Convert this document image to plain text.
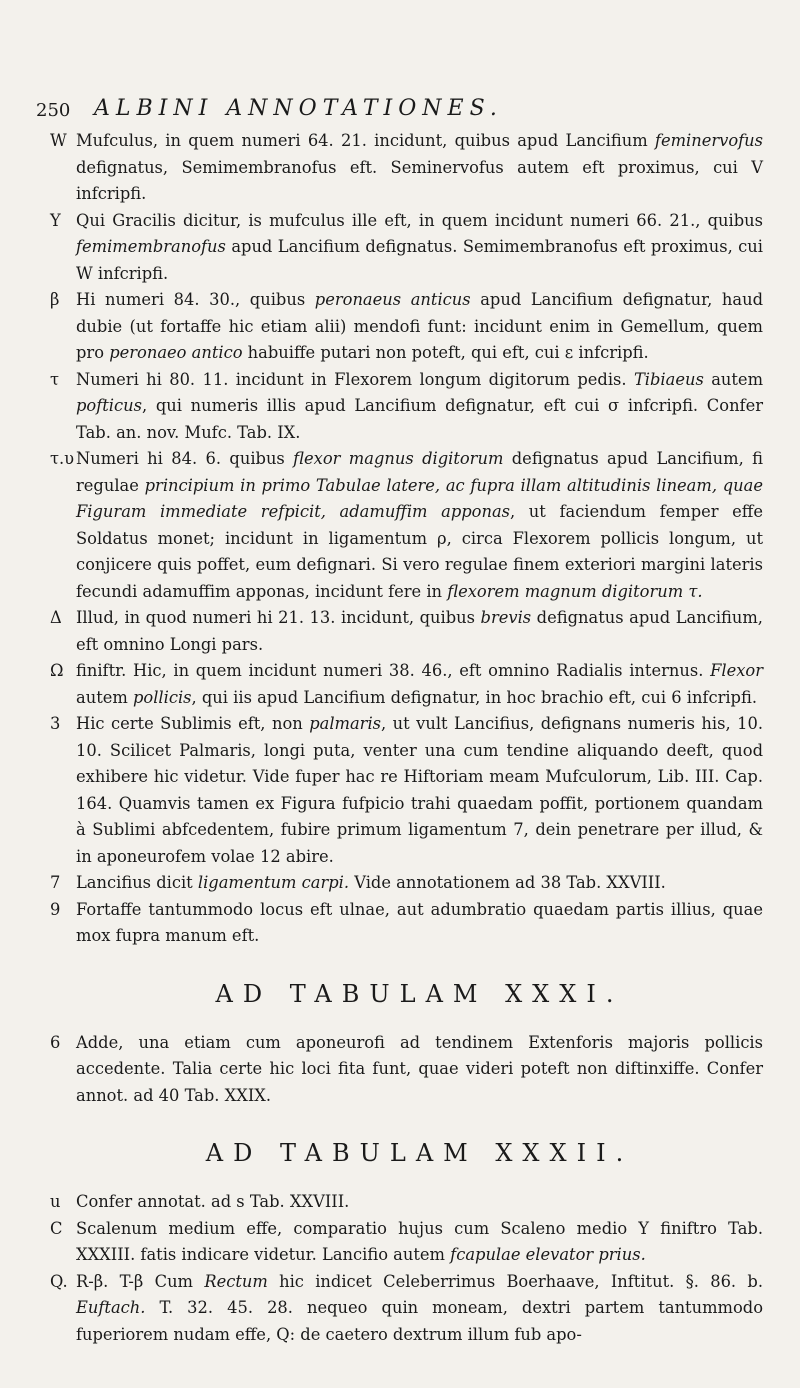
250 ALBINI ANNOTATIONES.

W Mufculus, in quem numeri 64. 21. incidunt, quibus apud Lancifium feminervofus defignatus, Semimembranofus eft. Seminervofus autem eft proximus, cui V infcripfi.

Y Qui Gracilis dicitur, is mufculus ille eft, in quem incidunt numeri 66. 21., quibus femimembranofus apud Lancifium defignatus. Semimembranofus eft proximus, cui W infcripfi.

β Hi numeri 84. 30., quibus peronaeus anticus apud Lancifium defignatur, haud dubie (ut fortaffe hic etiam alii) mendofi funt: incidunt enim in Gemellum, quem pro peronaeo antico habuiffe putari non poteft, qui eft, cui ε infcripfi.

τ Numeri hi 80. 11. incidunt in Flexorem longum digitorum pedis. Tibiaeus autem pofticus, qui numeris illis apud Lancifium defignatur, eft cui σ infcripfi. Confer Tab. an. nov. Mufc. Tab. IX.

τ.υ Numeri hi 84. 6. quibus flexor magnus digitorum defignatus apud Lancifium, fi regulae principium in primo Tabulae latere, ac fupra illam altitudinis lineam, quae Figuram immediate refpicit, adamuffim apponas, ut faciendum femper effe Soldatus monet; incidunt in ligamentum ρ, circa Flexorem pollicis longum, ut conjicere quis poffet, eum defignari. Si vero regulae finem exteriori margini lateris fecundi adamuffim apponas, incidunt fere in flexorem magnum digitorum τ.

Δ Illud, in quod numeri hi 21. 13. incidunt, quibus brevis defignatus apud Lancifium, eft omnino Longi pars.

Ω finiftr. Hic, in quem incidunt numeri 38. 46., eft omnino Radialis internus. Flexor autem pollicis, qui iis apud Lancifium defignatur, in hoc brachio eft, cui 6 infcripfi.

3 Hic certe Sublimis eft, non palmaris, ut vult Lancifius, defignans numeris his, 10. 10. Scilicet Palmaris, longi puta, venter una cum tendine aliquando deeft, quod exhibere hic videtur. Vide fuper hac re Hiftoriam meam Mufculorum, Lib. III. Cap. 164. Quamvis tamen ex Figura fufpicio trahi quaedam poffit, portionem quandam à Sublimi abfcedentem, fubire primum ligamentum 7, dein penetrare per illud, & in aponeurofem volae 12 abire.

7 Lancifius dicit ligamentum carpi. Vide annotationem ad 38 Tab. XXVIII.

9 Fortaffe tantummodo locus eft ulnae, aut adumbratio quaedam partis illius, quae mox fupra manum eft.

AD TABULAM XXXI.

6 Adde, una etiam cum aponeurofi ad tendinem Extenforis majoris pollicis accedente. Talia certe hic loci fita funt, quae videri poteft non diftinxiffe. Confer annot. ad 40 Tab. XXIX.

AD TABULAM XXXII.

u Confer annotat. ad s Tab. XXVIII.

C Scalenum medium effe, comparatio hujus cum Scaleno medio Y finiftro Tab. XXXIII. fatis indicare videtur. Lancifio autem fcapulae elevator prius.

Q. R-β. T-β Cum Rectum hic indicet Celeberrimus Boerhaave, Inftitut. §. 86. b. Euftach. T. 32. 45. 28. nequeo quin moneam, dextri partem tantummodo fuperiorem nudam effe, Q: de caetero dextrum illum fub apo-
